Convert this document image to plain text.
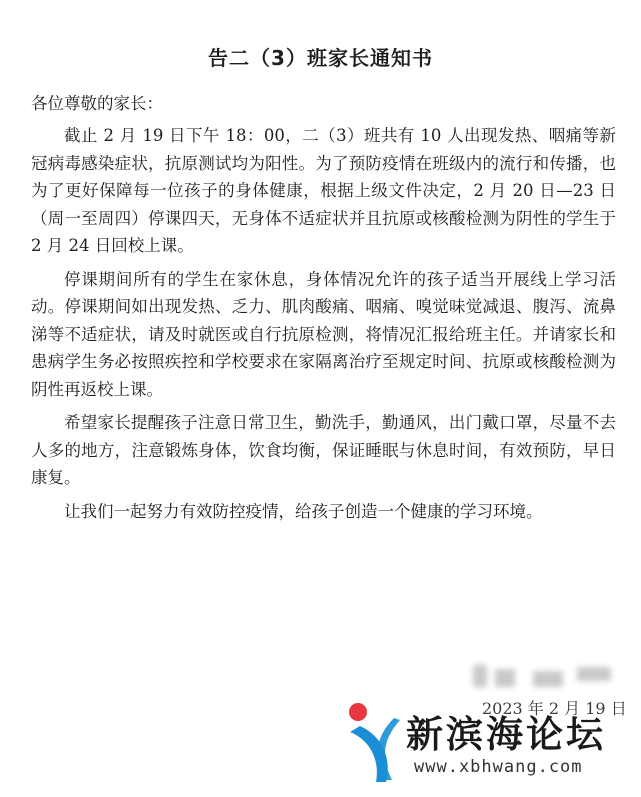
告二（3）班家长通知书
各位尊敬的家长：

截止 2 月 19 日下午 18：00，二（3）班共有 10 人出现发热、咽痛等新冠病毒感染症状，抗原测试均为阳性。为了预防疫情在班级内的流行和传播，也为了更好保障每一位孩子的身体健康，根据上级文件决定，2 月 20 日—23 日（周一至周四）停课四天，无身体不适症状并且抗原或核酸检测为阴性的学生于 2 月 24 日回校上课。

停课期间所有的学生在家休息，身体情况允许的孩子适当开展线上学习活动。停课期间如出现发热、乏力、肌肉酸痛、咽痛、嗅觉味觉减退、腹泻、流鼻涕等不适症状，请及时就医或自行抗原检测，将情况汇报给班主任。并请家长和患病学生务必按照疾控和学校要求在家隔离治疗至规定时间、抗原或核酸检测为阴性再返校上课。

希望家长提醒孩子注意日常卫生，勤洗手，勤通风，出门戴口罩，尽量不去人多的地方，注意锻炼身体，饮食均衡，保证睡眠与休息时间，有效预防，早日康复。

让我们一起努力有效防控疫情，给孩子创造一个健康的学习环境。

2023 年 2 月 19 日
新滨海论坛
www.xbhwang.com
